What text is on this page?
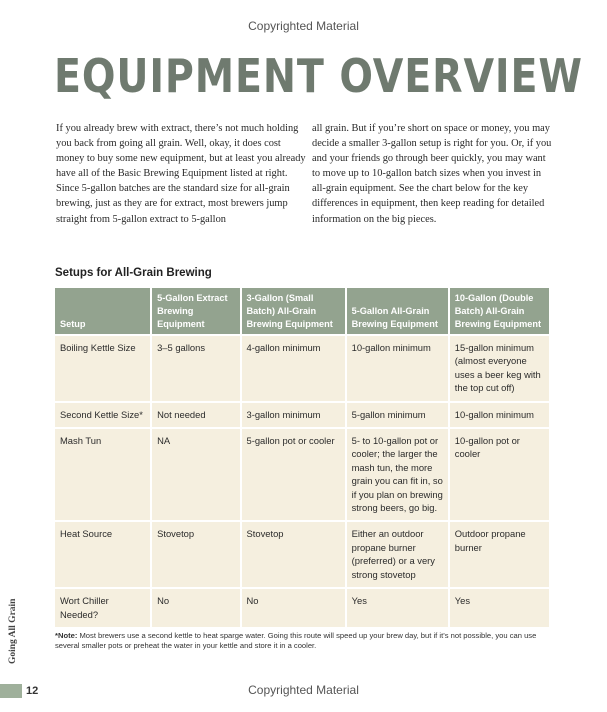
Copyrighted Material
EQUIPMENT OVERVIEW

If you already brew with extract, there’s not much holding you back from going all grain. Well, okay, it does cost money to buy some new equipment, but at least you already have all of the Basic Brewing Equipment listed at right. Since 5-gallon batches are the standard size for all-grain brewing, just as they are for extract, most brewers jump straight from 5-gallon extract to 5-gallon

all grain. But if you’re short on space or money, you may decide a smaller 3-gallon setup is right for you. Or, if you and your friends go through beer quickly, you may want to move up to 10-gallon batch sizes when you invest in all-grain equipment. See the chart below for the key differences in equipment, then keep reading for detailed information on the big pieces.

Setups for All-Grain Brewing
Setup	5-Gallon Extract Brewing Equipment	3-Gallon (Small Batch) All-Grain Brewing Equipment	5-Gallon All-Grain Brewing Equipment	10-Gallon (Double Batch) All-Grain Brewing Equipment
Boiling Kettle Size	3–5 gallons	4-gallon minimum	10-gallon minimum	15-gallon minimum (almost everyone uses a beer keg with the top cut off)
Second Kettle Size*	Not needed	3-gallon minimum	5-gallon minimum	10-gallon minimum
Mash Tun	NA	5-gallon pot or cooler	5- to 10-gallon pot or cooler; the larger the mash tun, the more grain you can fit in, so if you plan on brewing strong beers, go big.	10-gallon pot or cooler
Heat Source	Stovetop	Stovetop	Either an outdoor propane burner (preferred) or a very strong stovetop	Outdoor propane burner
Wort Chiller Needed?	No	No	Yes	Yes

*Note: Most brewers use a second kettle to heat sparge water. Going this route will speed up your brew day, but if it’s not possible, you can use several smaller pots or preheat the water in your kettle and store it in a cooler.

Going All Grain
12	Copyrighted Material
